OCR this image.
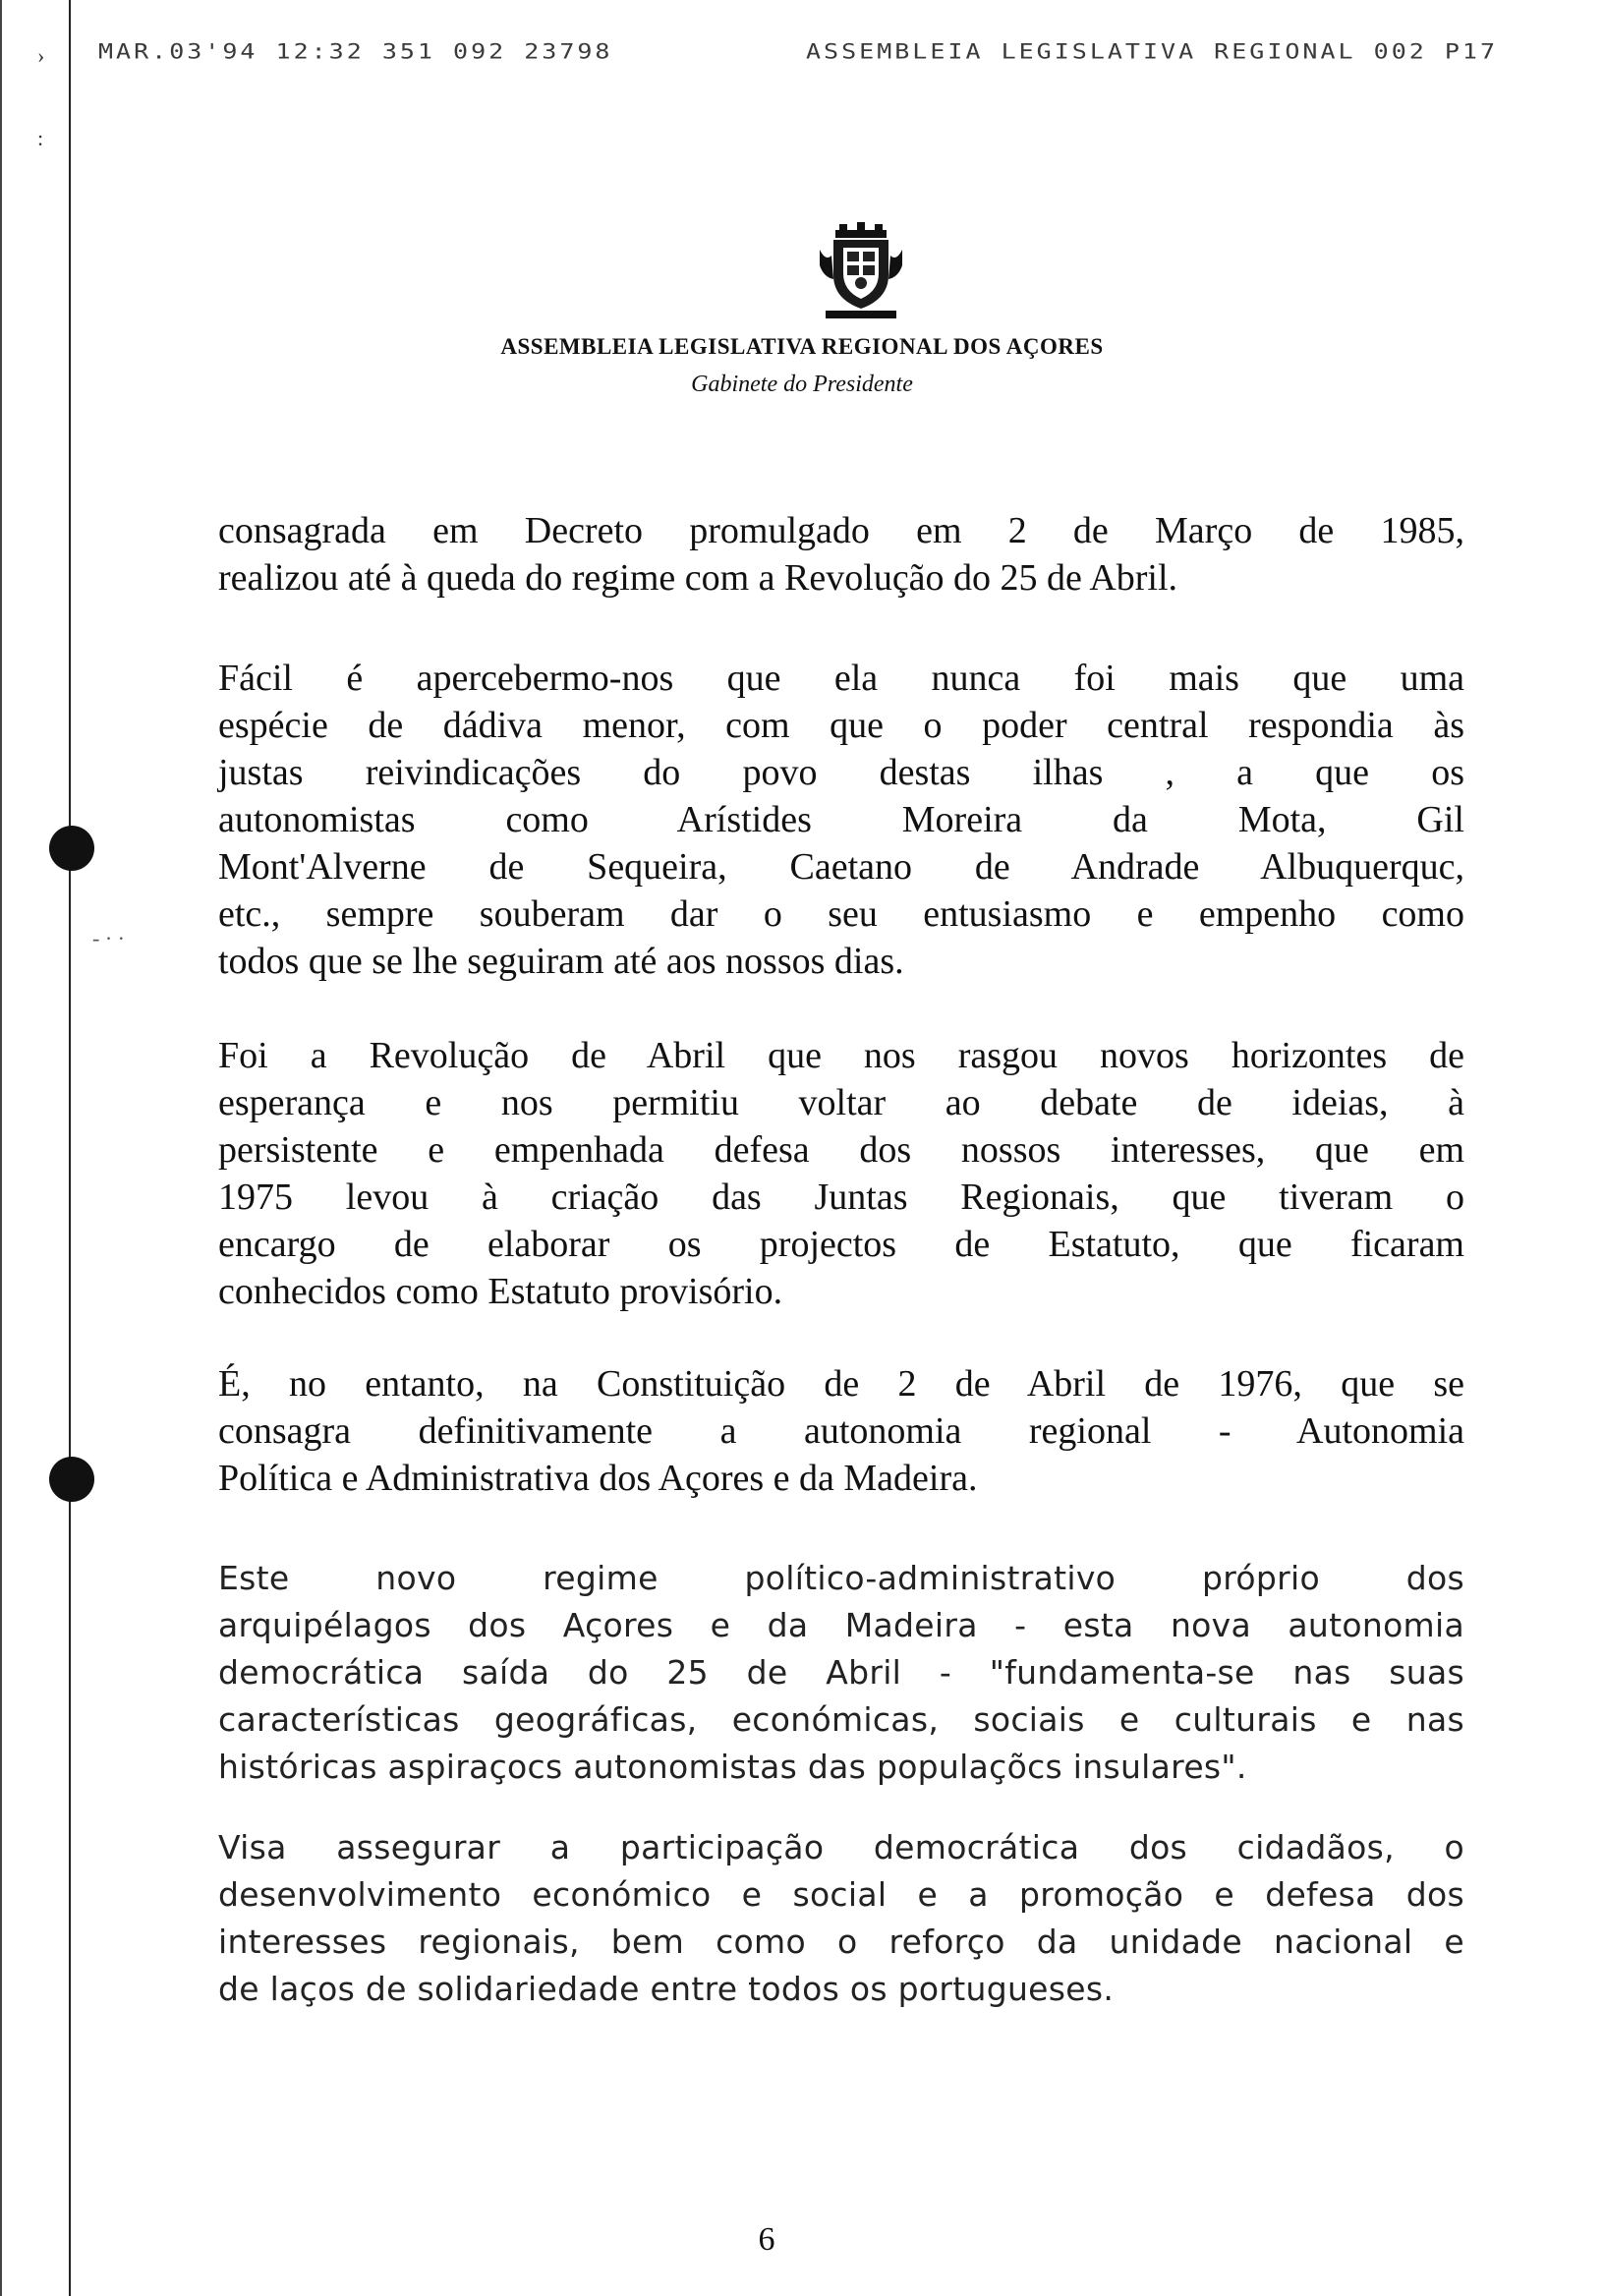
›
:
- · ·
MAR.03'94 12:32 351 092 23798	ASSEMBLEIA LEGISLATIVA REGIONAL 002 P17
ASSEMBLEIA LEGISLATIVA REGIONAL DOS AÇORES
Gabinete do Presidente
consagrada em Decreto promulgado em 2 de Março de 1985,
realizou até à queda do regime com a Revolução do 25 de Abril.
Fácil é apercebermo-nos que ela nunca foi mais que uma
espécie de dádiva menor, com que o poder central respondia às
justas reivindicações do povo destas ilhas , a que os
autonomistas como Arístides Moreira da Mota, Gil
Mont'Alverne de Sequeira, Caetano de Andrade Albuquerquc,
etc., sempre souberam dar o seu entusiasmo e empenho como
todos que se lhe seguiram até aos nossos dias.
Foi a Revolução de Abril que nos rasgou novos horizontes de
esperança e nos permitiu voltar ao debate de ideias, à
persistente e empenhada defesa dos nossos interesses, que em
1975 levou à criação das Juntas Regionais, que tiveram o
encargo de elaborar os projectos de Estatuto, que ficaram
conhecidos como Estatuto provisório.
É, no entanto, na Constituição de 2 de Abril de 1976, que se
consagra definitivamente a autonomia regional - Autonomia
Política e Administrativa dos Açores e da Madeira.
Este novo regime político-administrativo próprio dos
arquipélagos dos Açores e da Madeira - esta nova autonomia
democrática saída do 25 de Abril - "fundamenta-se nas suas
características geográficas, económicas, sociais e culturais e nas
históricas aspiraçocs autonomistas das populaçõcs insulares".
Visa assegurar a participação democrática dos cidadãos, o
desenvolvimento económico e social e a promoção e defesa dos
interesses regionais, bem como o reforço da unidade nacional e
de laços de solidariedade entre todos os portugueses.
6
